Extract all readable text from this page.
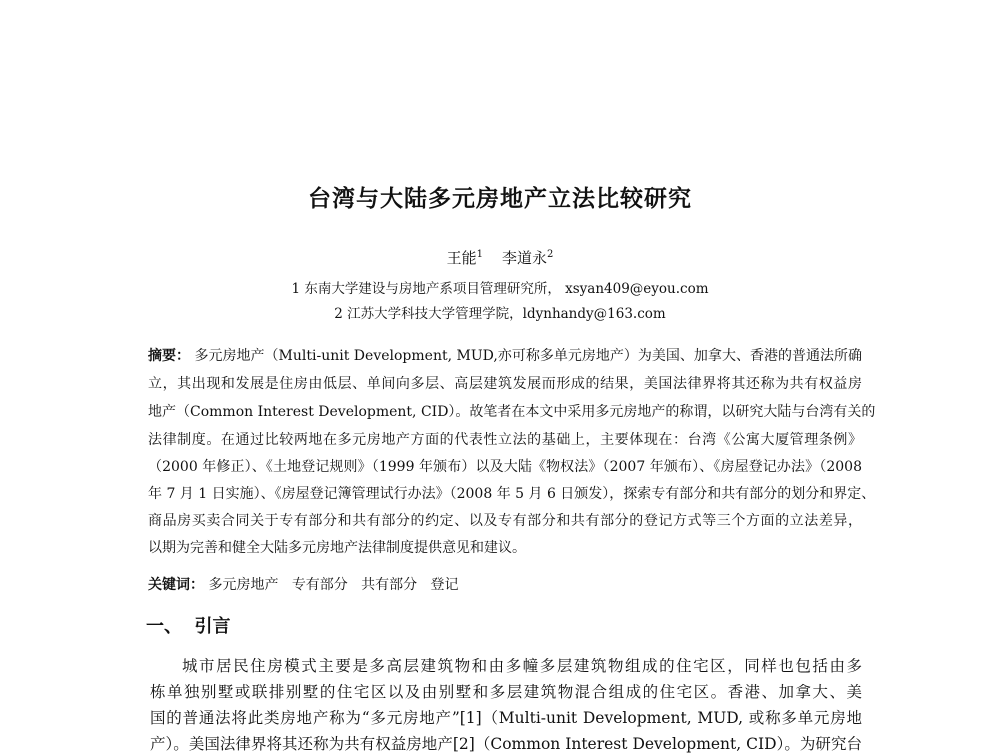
台湾与大陆多元房地产立法比较研究
王能$^1$ 李道永$^2$
1 东南大学建设与房地产系项目管理研究所， xsyan409@eyou.com
2 江苏大学科技大学管理学院，ldynhandy@163.com
摘要： 多元房地产（Multi-unit Development, MUD,亦可称多单元房地产）为美国、加拿大、香港的普通法所确
立，其出现和发展是住房由低层、单间向多层、高层建筑发展而形成的结果，美国法律界将其还称为共有权益房
地产（Common Interest Development, CID）。故笔者在本文中采用多元房地产的称谓，以研究大陆与台湾有关的
法律制度。在通过比较两地在多元房地产方面的代表性立法的基础上，主要体现在：台湾《公寓大厦管理条例》
（2000 年修正）、《土地登记规则》（1999 年颁布）以及大陆《物权法》（2007 年颁布）、《房屋登记办法》（2008
年 7 月 1 日实施）、《房屋登记簿管理试行办法》（2008 年 5 月 6 日颁发），探索专有部分和共有部分的划分和界定、
商品房买卖合同关于专有部分和共有部分的约定、以及专有部分和共有部分的登记方式等三个方面的立法差异，
以期为完善和健全大陆多元房地产法律制度提供意见和建议。
关键词： 多元房地产 专有部分 共有部分 登记
一、  引言
城市居民住房模式主要是多高层建筑物和由多幢多层建筑物组成的住宅区，同样也包括由多
栋单独别墅或联排别墅的住宅区以及由别墅和多层建筑物混合组成的住宅区。香港、加拿大、美
国的普通法将此类房地产称为“多元房地产”[1]（Multi-unit Development, MUD, 或称多单元房地
产）。美国法律界将其还称为共有权益房地产[2]（Common Interest Development, CID）。为研究台
